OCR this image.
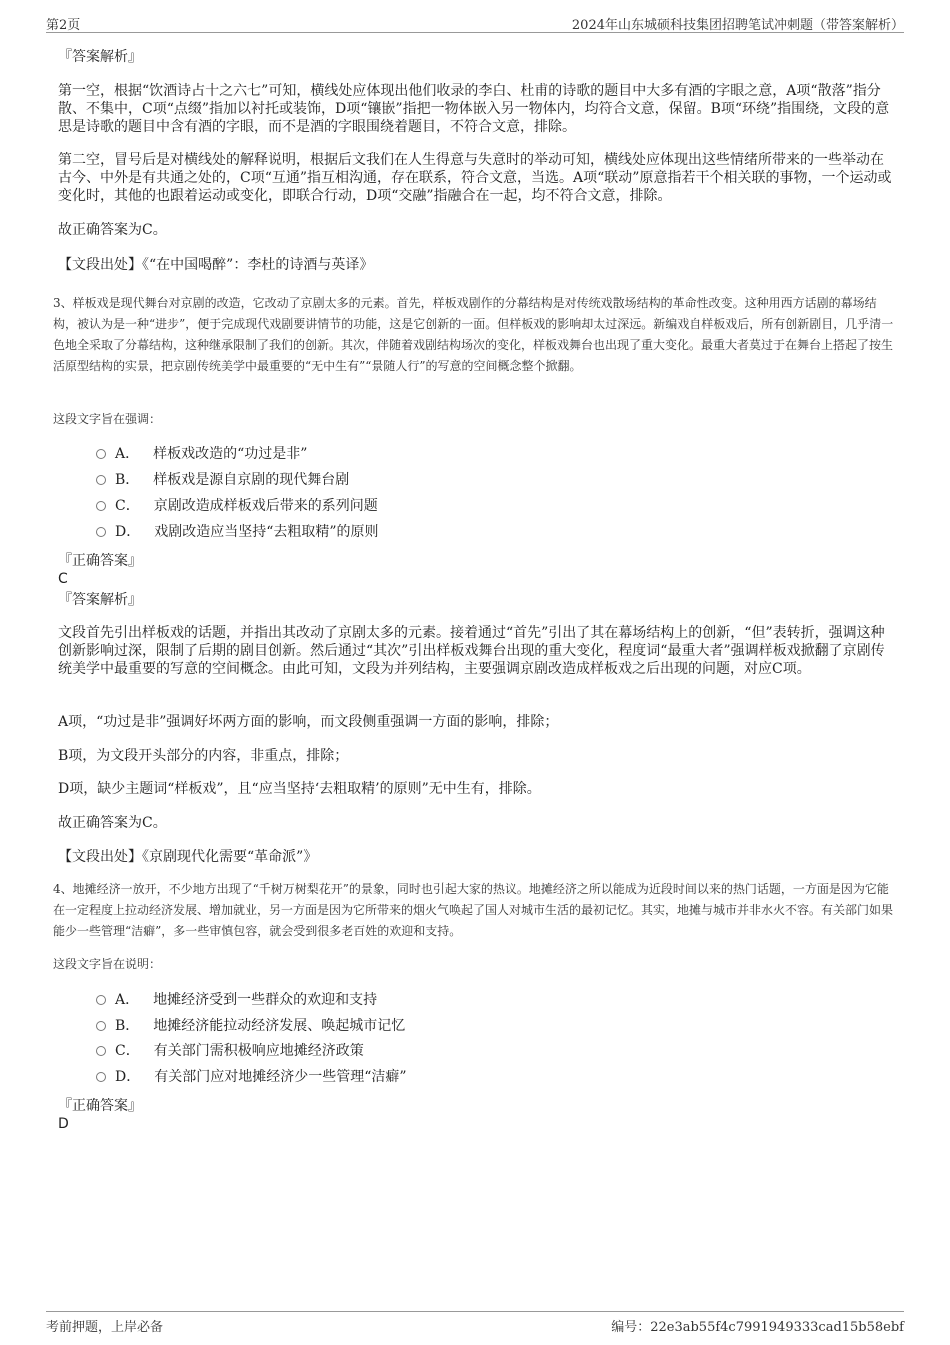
第2页	2024年山东城硕科技集团招聘笔试冲刺题（带答案解析）

『答案解析』

第一空，根据“饮酒诗占十之六七”可知，横线处应体现出他们收录的李白、杜甫的诗歌的题目中大多有酒的字眼之意，A项“散落”指分散、不集中，C项“点缀”指加以衬托或装饰，D项“镶嵌”指把一物体嵌入另一物体内，均符合文意，保留。B项“环绕”指围绕，文段的意思是诗歌的题目中含有酒的字眼，而不是酒的字眼围绕着题目，不符合文意，排除。

第二空，冒号后是对横线处的解释说明，根据后文我们在人生得意与失意时的举动可知，横线处应体现出这些情绪所带来的一些举动在古今、中外是有共通之处的，C项“互通”指互相沟通，存在联系，符合文意，当选。A项“联动”原意指若干个相关联的事物，一个运动或变化时，其他的也跟着运动或变化，即联合行动，D项“交融”指融合在一起，均不符合文意，排除。

故正确答案为C。

【文段出处】《“在中国喝醉”：李杜的诗酒与英译》

3、样板戏是现代舞台对京剧的改造，它改动了京剧太多的元素。首先，样板戏剧作的分幕结构是对传统戏散场结构的革命性改变。这种用西方话剧的幕场结构，被认为是一种“进步”，便于完成现代戏剧要讲情节的功能，这是它创新的一面。但样板戏的影响却太过深远。新编戏自样板戏后，所有创新剧目，几乎清一色地全采取了分幕结构，这种继承限制了我们的创新。其次，伴随着戏剧结构场次的变化，样板戏舞台也出现了重大变化。最重大者莫过于在舞台上搭起了按生活原型结构的实景，把京剧传统美学中最重要的“无中生有”“景随人行”的写意的空间概念整个掀翻。

这段文字旨在强调：

A． 样板戏改造的“功过是非”
B． 样板戏是源自京剧的现代舞台剧
C． 京剧改造成样板戏后带来的系列问题
D． 戏剧改造应当坚持“去粗取精”的原则

『正确答案』

C

『答案解析』

文段首先引出样板戏的话题，并指出其改动了京剧太多的元素。接着通过“首先”引出了其在幕场结构上的创新，“但”表转折，强调这种创新影响过深，限制了后期的剧目创新。然后通过“其次”引出样板戏舞台出现的重大变化，程度词“最重大者”强调样板戏掀翻了京剧传统美学中最重要的写意的空间概念。由此可知，文段为并列结构，主要强调京剧改造成样板戏之后出现的问题，对应C项。

A项，“功过是非”强调好坏两方面的影响，而文段侧重强调一方面的影响，排除；

B项，为文段开头部分的内容，非重点，排除；

D项，缺少主题词“样板戏”，且“应当坚持‘去粗取精’的原则”无中生有，排除。

故正确答案为C。

【文段出处】《京剧现代化需要“革命派”》

4、地摊经济一放开，不少地方出现了“千树万树梨花开”的景象，同时也引起大家的热议。地摊经济之所以能成为近段时间以来的热门话题，一方面是因为它能在一定程度上拉动经济发展、增加就业，另一方面是因为它所带来的烟火气唤起了国人对城市生活的最初记忆。其实，地摊与城市并非水火不容。有关部门如果能少一些管理“洁癖”，多一些审慎包容，就会受到很多老百姓的欢迎和支持。

这段文字旨在说明：

A． 地摊经济受到一些群众的欢迎和支持
B． 地摊经济能拉动经济发展、唤起城市记忆
C． 有关部门需积极响应地摊经济政策
D． 有关部门应对地摊经济少一些管理“洁癖”

『正确答案』

D

考前押题，上岸必备	编号：22e3ab55f4c7991949333cad15b58ebf
